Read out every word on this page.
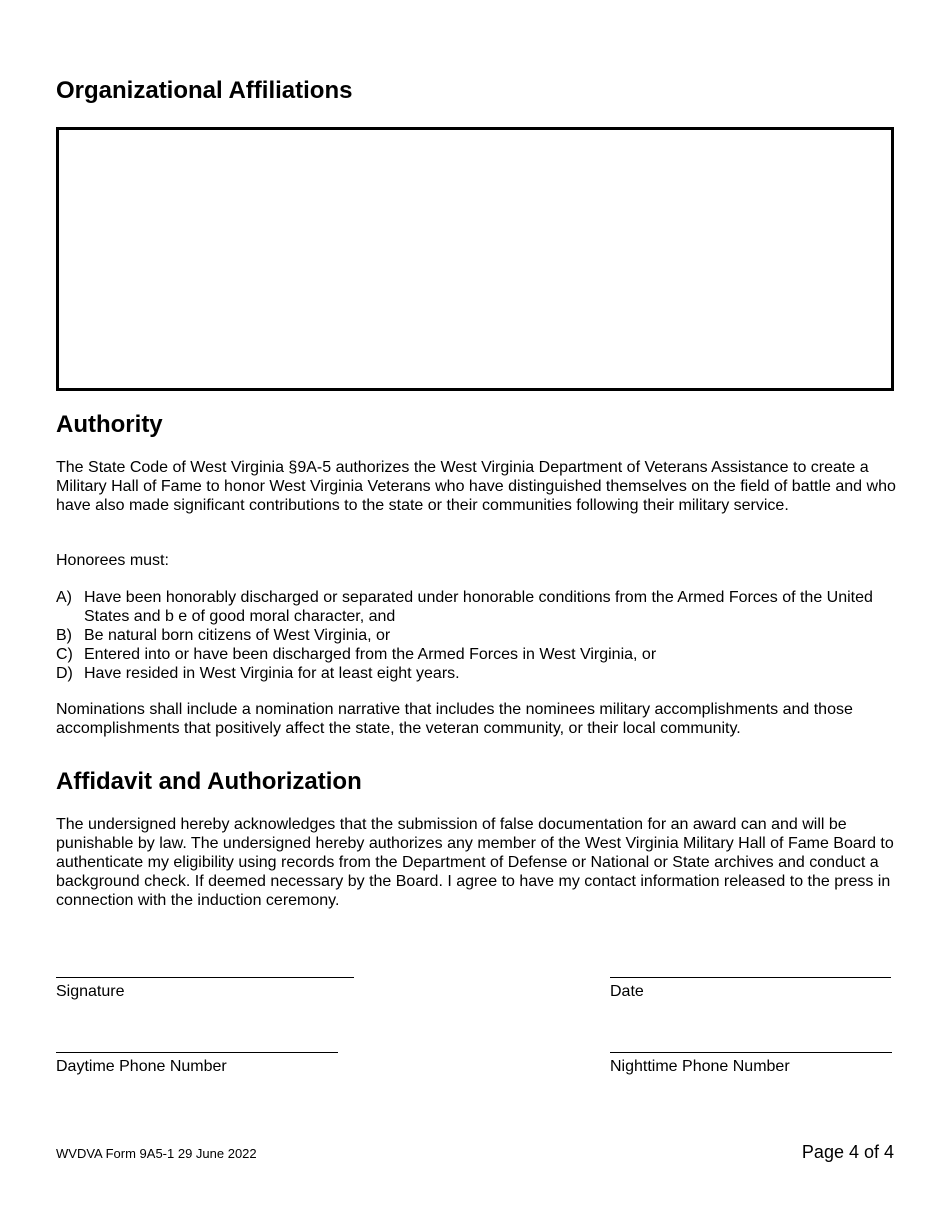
Organizational Affiliations
Authority

The State Code of West Virginia §9A-5 authorizes the West Virginia Department of Veterans Assistance to create a Military Hall of Fame to honor West Virginia Veterans who have distinguished themselves on the field of battle and who have also made significant contributions to the state or their communities following their military service.

Honorees must:

A) Have been honorably discharged or separated under honorable conditions from the Armed Forces of the United States and b e of good moral character, and
B) Be natural born citizens of West Virginia, or
C) Entered into or have been discharged from the Armed Forces in West Virginia, or
D) Have resided in West Virginia for at least eight years.

Nominations shall include a nomination narrative that includes the nominees military accomplishments and those accomplishments that positively affect the state, the veteran community, or their local community.

Affidavit and Authorization

The undersigned hereby acknowledges that the submission of false documentation for an award can and will be punishable by law. The undersigned hereby authorizes any member of the West Virginia Military Hall of Fame Board to authenticate my eligibility using records from the Department of Defense or National or State archives and conduct a background check. If deemed necessary by the Board. I agree to have my contact information released to the press in connection with the induction ceremony.

Signature	Date
Daytime Phone Number	Nighttime Phone Number
WVDVA Form 9A5-1 29 June 2022	Page 4 of 4
